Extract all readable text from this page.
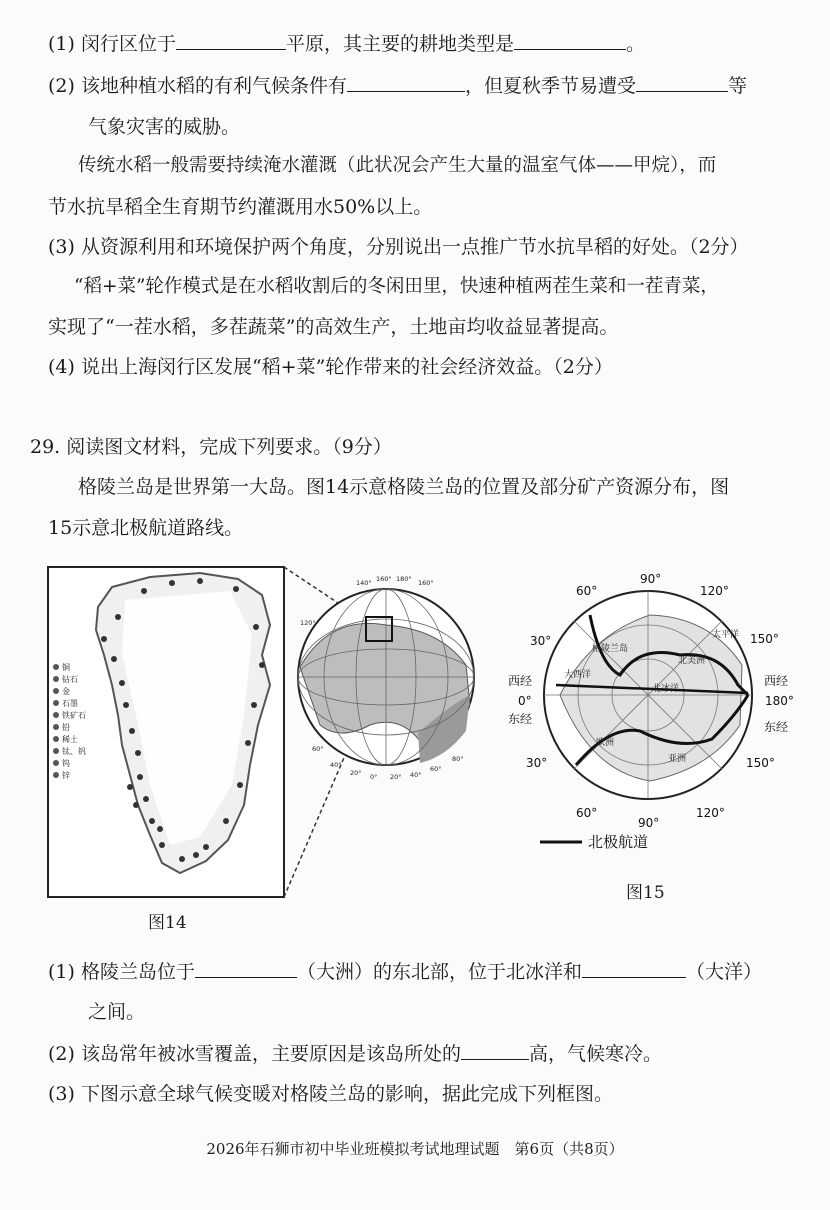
(1) 闵行区位于	平原，其主要的耕地类型是	。
(2) 该地种植水稻的有利气候条件有	，但夏秋季节易遭受	等
气象灾害的威胁。
传统水稻一般需要持续淹水灌溉（此状况会产生大量的温室气体——甲烷），而
节水抗旱稻全生育期节约灌溉用水50%以上。
(3) 从资源利用和环境保护两个角度，分别说出一点推广节水抗旱稻的好处。（2分）
“稻+菜”轮作模式是在水稻收割后的冬闲田里，快速种植两茬生菜和一茬青菜，
实现了“一茬水稻，多茬蔬菜”的高效生产，土地亩均收益显著提高。
(4) 说出上海闵行区发展“稻+菜”轮作带来的社会经济效益。（2分）
29. 阅读图文材料，完成下列要求。（9分）
格陵兰岛是世界第一大岛。图14示意格陵兰岛的位置及部分矿产资源分布，图
15示意北极航道路线。
铜
钻石
金
石墨
铁矿石
铅
稀土
钛、钒
钨
锌
140° 160° 180° 160°
120°
60°
40°
20° 0° 20° 40°
60°
80°
格陵兰岛
北冰洋
北美洲
亚洲
欧洲
大西洋
太平洋
90°
120°
150°
180°
150°
120°
90°
60°
30°
0°
30°
60°
西经
东经
西经
东经
北极航道
图14
图15
(1) 格陵兰岛位于	（大洲）的东北部，位于北冰洋和	（大洋）
之间。
(2) 该岛常年被冰雪覆盖，主要原因是该岛所处的	高，气候寒冷。
(3) 下图示意全球气候变暖对格陵兰岛的影响，据此完成下列框图。
2026年石狮市初中毕业班模拟考试地理试题　第6页（共8页）
